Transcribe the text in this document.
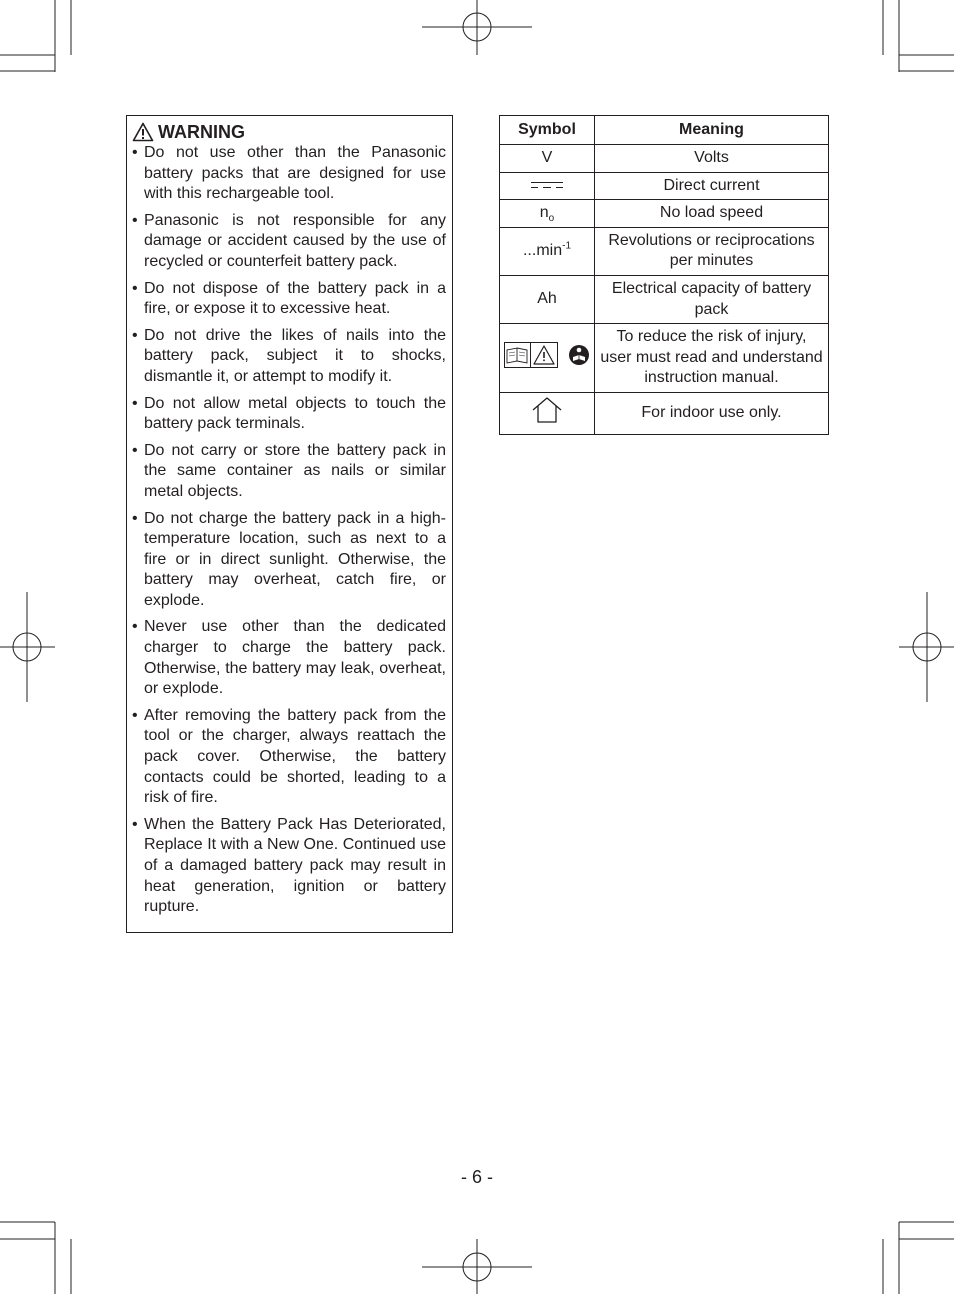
WARNING
• Do not use other than the Panasonic battery packs that are designed for use with this rechargeable tool.
• Panasonic is not responsible for any damage or accident caused by the use of recycled or counterfeit battery pack.
• Do not dispose of the battery pack in a fire, or expose it to excessive heat.
• Do not drive the likes of nails into the battery pack, subject it to shocks, dismantle it, or attempt to modify it.
• Do not allow metal objects to touch the battery pack terminals.
• Do not carry or store the battery pack in the same container as nails or similar metal objects.
• Do not charge the battery pack in a high-temperature location, such as next to a fire or in direct sunlight. Otherwise, the battery may overheat, catch fire, or explode.
• Never use other than the dedicated charger to charge the battery pack. Otherwise, the battery may leak, overheat, or explode.
• After removing the battery pack from the tool or the charger, always reattach the pack cover. Otherwise, the battery contacts could be shorted, leading to a risk of fire.
• When the Battery Pack Has Deteriorated, Replace It with a New One. Continued use of a damaged battery pack may result in heat generation, ignition or battery rupture.
Symbol	Meaning
V	Volts
	Direct current
$n_o$	No load speed
$...\min^{-1}$	Revolutions or reciprocations per minutes
Ah	Electrical capacity of battery pack

	To reduce the risk of injury, user must read and understand instruction manual.
	For indoor use only.
- 6 -
